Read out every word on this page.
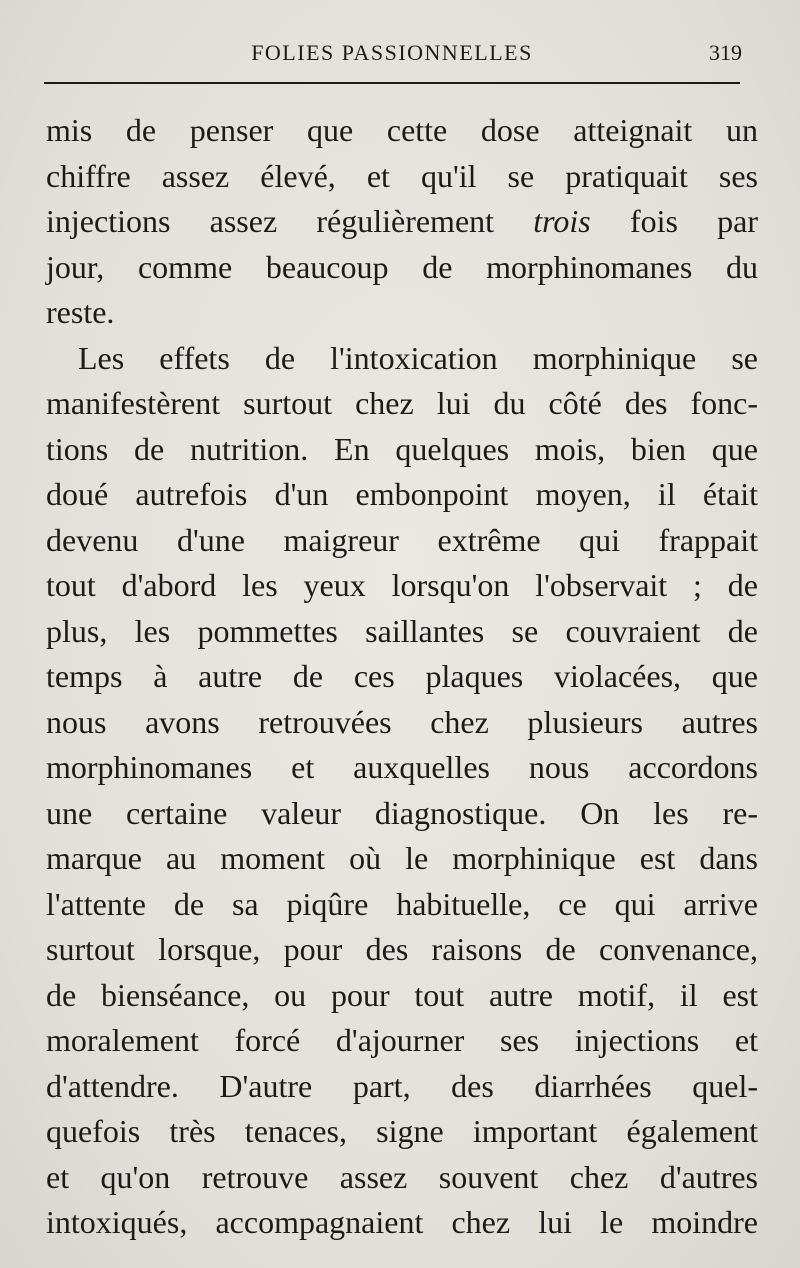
FOLIES PASSIONNELLES	319
mis de penser que cette dose atteignait un
chiffre assez élevé, et qu'il se pratiquait ses
injections assez régulièrement trois fois par
jour, comme beaucoup de morphinomanes du
reste.
Les effets de l'intoxication morphinique se
manifestèrent surtout chez lui du côté des fonc-
tions de nutrition. En quelques mois, bien que
doué autrefois d'un embonpoint moyen, il était
devenu d'une maigreur extrême qui frappait
tout d'abord les yeux lorsqu'on l'observait ; de
plus, les pommettes saillantes se couvraient de
temps à autre de ces plaques violacées, que
nous avons retrouvées chez plusieurs autres
morphinomanes et auxquelles nous accordons
une certaine valeur diagnostique. On les re-
marque au moment où le morphinique est dans
l'attente de sa piqûre habituelle, ce qui arrive
surtout lorsque, pour des raisons de convenance,
de bienséance, ou pour tout autre motif, il est
moralement forcé d'ajourner ses injections et
d'attendre. D'autre part, des diarrhées quel-
quefois très tenaces, signe important également
et qu'on retrouve assez souvent chez d'autres
intoxiqués, accompagnaient chez lui le moindre
